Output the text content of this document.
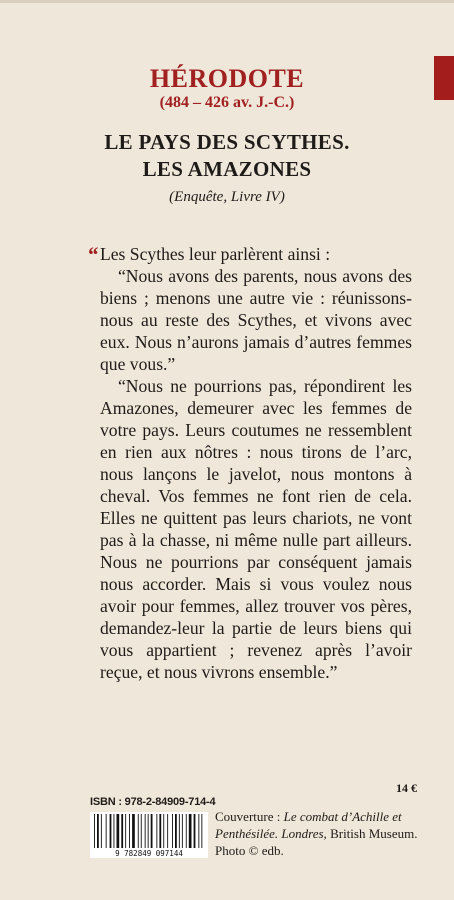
HÉRODOTE
(484 – 426 av. J.-C.)
LE PAYS DES SCYTHES.
LES AMAZONES
(Enquête, Livre IV)
“ Les Scythes leur parlèrent ainsi :

“Nous avons des parents, nous avons des biens ; menons une autre vie : réunissons-nous au reste des Scythes, et vivons avec eux. Nous n’aurons jamais d’autres femmes que vous.”

“Nous ne pourrions pas, répondirent les Amazones, demeurer avec les femmes de votre pays. Leurs coutumes ne ressemblent en rien aux nôtres : nous tirons de l’arc, nous lançons le javelot, nous montons à cheval. Vos femmes ne font rien de cela. Elles ne quittent pas leurs chariots, ne vont pas à la chasse, ni même nulle part ailleurs. Nous ne pourrions par conséquent jamais nous accorder. Mais si vous voulez nous avoir pour femmes, allez trouver vos pères, demandez-leur la partie de leurs biens qui vous appartient ; revenez après l’avoir reçue, et nous vivrons ensemble.”

14 €
ISBN : 978-2-84909-714-4
9 782849 097144
Couverture : Le combat d’Achille et Penthésilée. Londres, British Museum.
Photo © edb.
